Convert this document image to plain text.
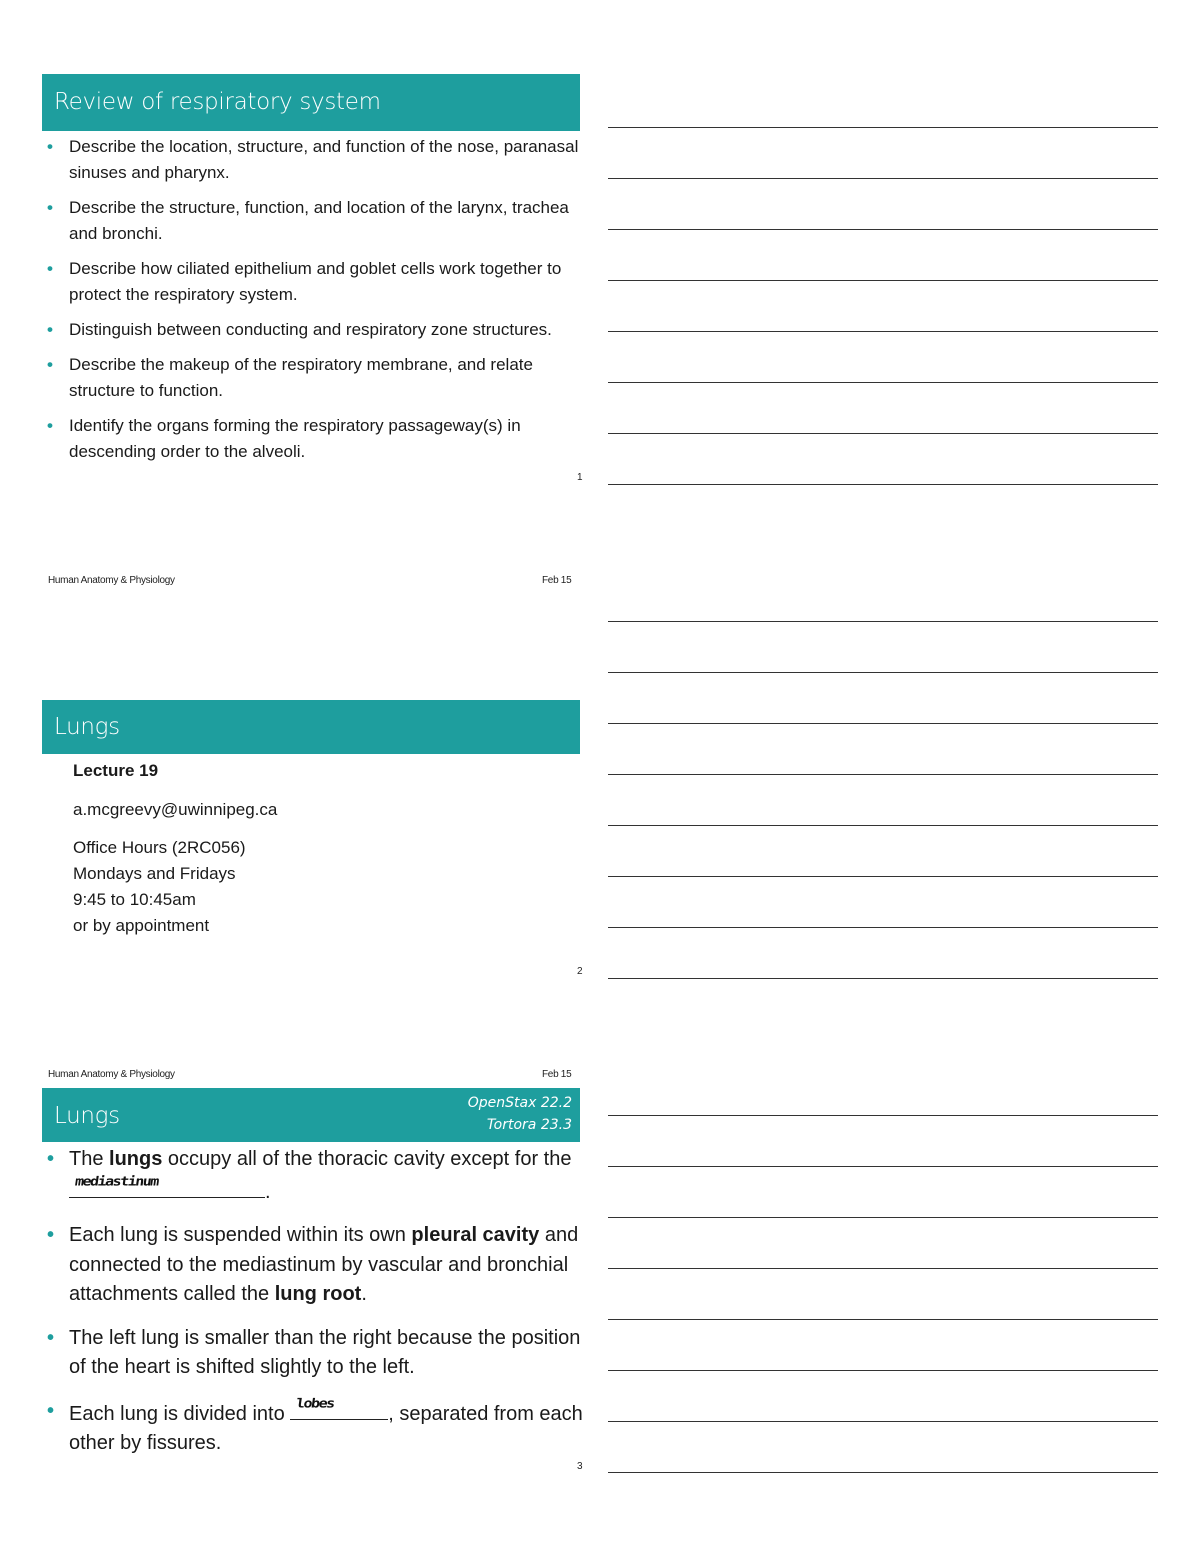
Review of respiratory system
• Describe the location, structure, and function of the nose, paranasal sinuses and pharynx.
• Describe the structure, function, and location of the larynx, trachea and bronchi.
• Describe how ciliated epithelium and goblet cells work together to protect the respiratory system.
• Distinguish between conducting and respiratory zone structures.
• Describe the makeup of the respiratory membrane, and relate structure to function.
• Identify the organs forming the respiratory passageway(s) in descending order to the alveoli.
1
Human Anatomy & Physiology	Feb 15
Lungs

Lecture 19

a.mcgreevy@uwinnipeg.ca

Office Hours (2RC056)

Mondays and Fridays

9:45 to 10:45am

or by appointment

2
Human Anatomy & Physiology	Feb 15
Lungs	OpenStax 22.2
Tortora 23.3
• The lungs occupy all of the thoracic cavity except for the
mediastinum	.
• Each lung is suspended within its own pleural cavity and connected to the mediastinum by vascular and bronchial attachments called the lung root.
• The left lung is smaller than the right because the position of the heart is shifted slightly to the left.
• Each lung is divided into lobes	, separated from each other by fissures.
3
